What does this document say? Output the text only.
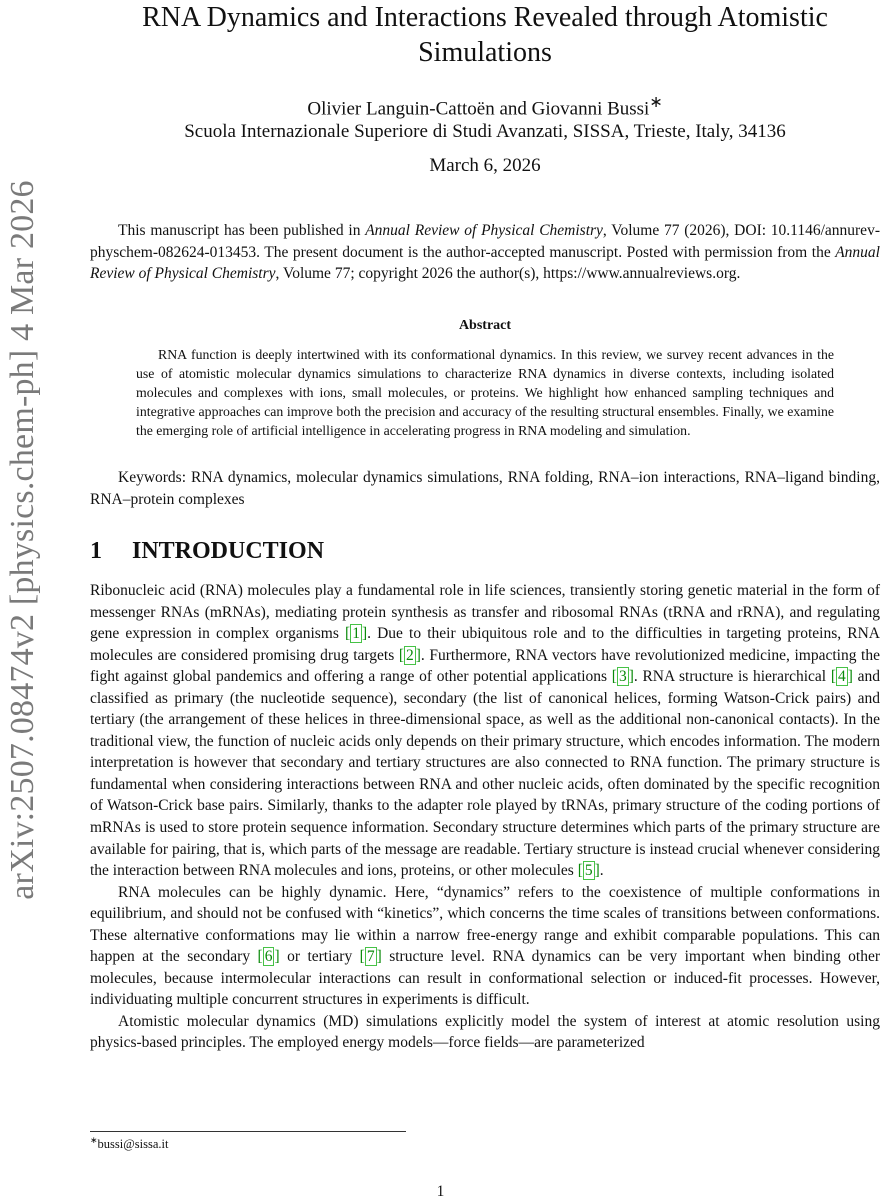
arXiv:2507.08474v2 [physics.chem-ph] 4 Mar 2026
RNA Dynamics and Interactions Revealed through Atomistic Simulations
Olivier Languin-Cattoën and Giovanni Bussi∗
Scuola Internazionale Superiore di Studi Avanzati, SISSA, Trieste, Italy, 34136
March 6, 2026

This manuscript has been published in Annual Review of Physical Chemistry, Volume 77 (2026), DOI: 10.1146/annurev-physchem-082624-013453. The present document is the author-accepted manuscript. Posted with permission from the Annual Review of Physical Chemistry, Volume 77; copyright 2026 the author(s), https://www.annualreviews.org.

Abstract

RNA function is deeply intertwined with its conformational dynamics. In this review, we survey recent advances in the use of atomistic molecular dynamics simulations to characterize RNA dynamics in diverse contexts, including isolated molecules and complexes with ions, small molecules, or proteins. We highlight how enhanced sampling techniques and integrative approaches can improve both the precision and accuracy of the resulting structural ensembles. Finally, we examine the emerging role of artificial intelligence in accelerating progress in RNA modeling and simulation.

Keywords: RNA dynamics, molecular dynamics simulations, RNA folding, RNA–ion interactions, RNA–ligand binding, RNA–protein complexes

1 INTRODUCTION

Ribonucleic acid (RNA) molecules play a fundamental role in life sciences, transiently storing genetic material in the form of messenger RNAs (mRNAs), mediating protein synthesis as transfer and ribosomal RNAs (tRNA and rRNA), and regulating gene expression in complex organisms [ 1 ]. Due to their ubiquitous role and to the difficulties in targeting proteins, RNA molecules are considered promising drug targets [ 2 ]. Furthermore, RNA vectors have revolutionized medicine, impacting the fight against global pandemics and offering a range of other potential applications [ 3 ]. RNA structure is hierarchical [ 4 ] and classified as primary (the nucleotide sequence), secondary (the list of canonical helices, forming Watson-Crick pairs) and tertiary (the arrangement of these helices in three-dimensional space, as well as the additional non-canonical contacts). In the traditional view, the function of nucleic acids only depends on their primary structure, which encodes information. The modern interpretation is however that secondary and tertiary structures are also connected to RNA function. The primary structure is fundamental when considering interactions between RNA and other nucleic acids, often dominated by the specific recognition of Watson-Crick base pairs. Similarly, thanks to the adapter role played by tRNAs, primary structure of the coding portions of mRNAs is used to store protein sequence information. Secondary structure determines which parts of the primary structure are available for pairing, that is, which parts of the message are readable. Tertiary structure is instead crucial whenever considering the interaction between RNA molecules and ions, proteins, or other molecules [ 5 ].

RNA molecules can be highly dynamic. Here, “dynamics” refers to the coexistence of multiple conformations in equilibrium, and should not be confused with “kinetics”, which concerns the time scales of transitions between conformations. These alternative conformations may lie within a narrow free-energy range and exhibit comparable populations. This can happen at the secondary [ 6 ] or tertiary [ 7 ] structure level. RNA dynamics can be very important when binding other molecules, because intermolecular interactions can result in conformational selection or induced-fit processes. However, individuating multiple concurrent structures in experiments is difficult.

Atomistic molecular dynamics (MD) simulations explicitly model the system of interest at atomic resolution using physics-based principles. The employed energy models—force fields—are parameterized

∗bussi@sissa.it
1
